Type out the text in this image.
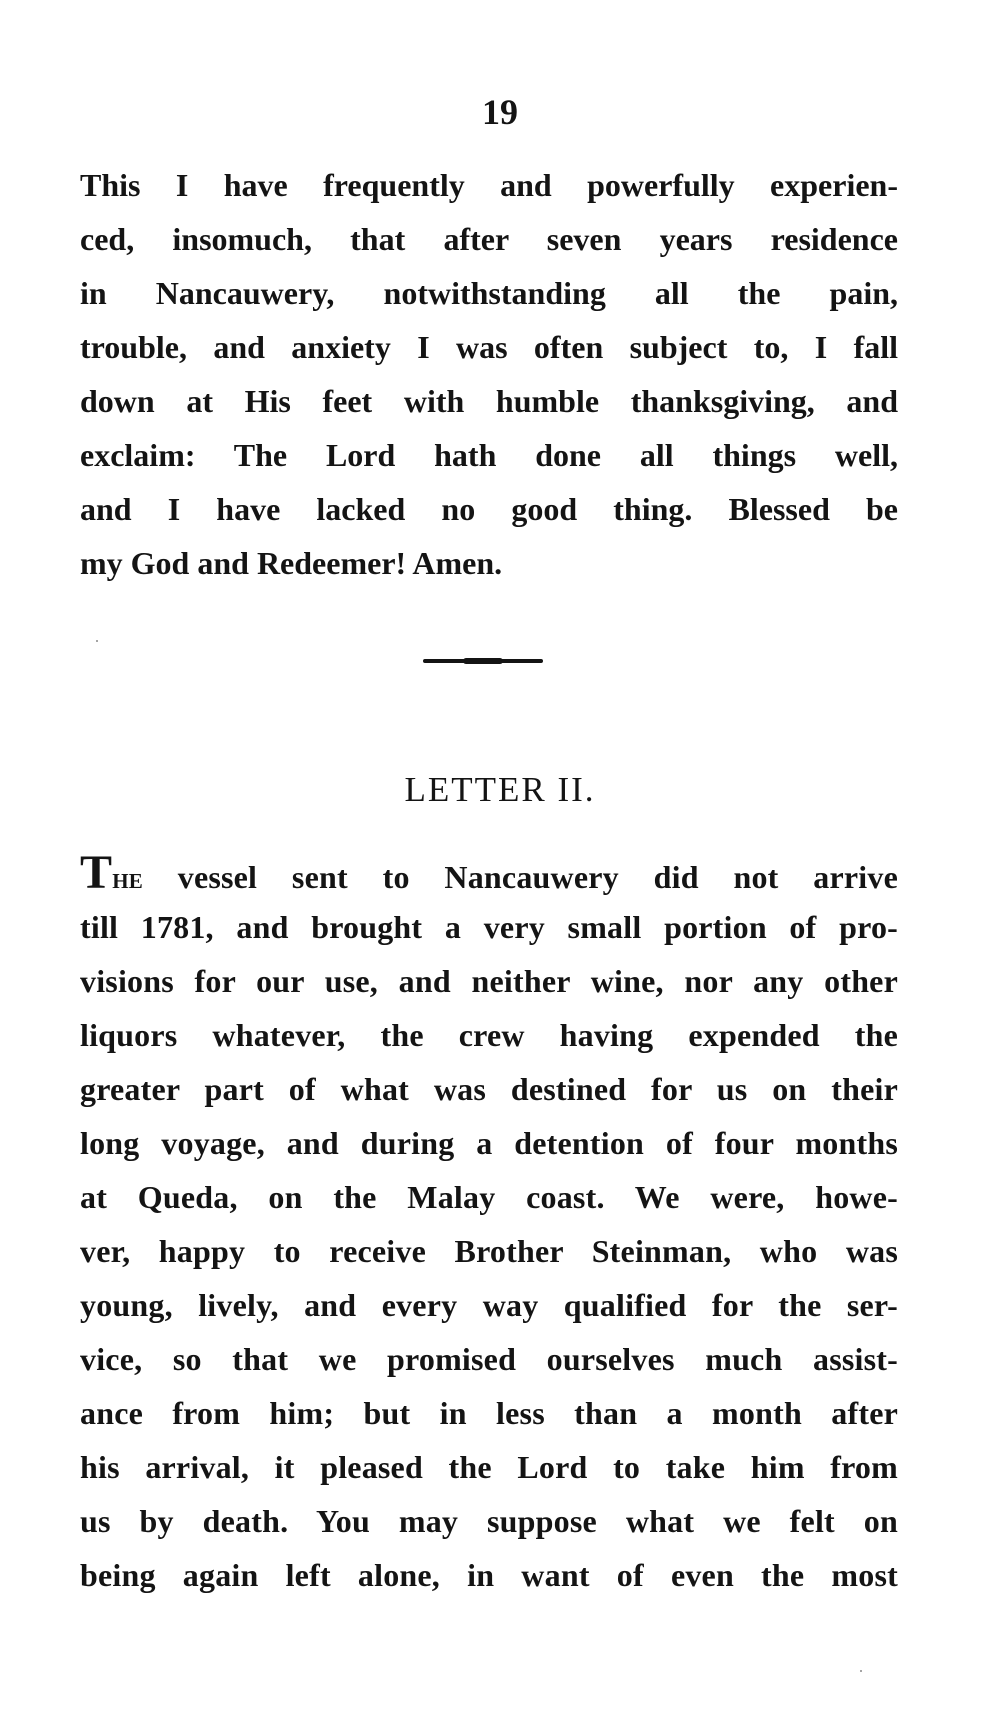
19
This I have frequently and powerfully experien-
ced, insomuch, that after seven years residence
in Nancauwery, notwithstanding all the pain,
trouble, and anxiety I was often subject to, I fall
down at His feet with humble thanksgiving, and
exclaim: The Lord hath done all things well,
and I have lacked no good thing. Blessed be
my God and Redeemer! Amen.
LETTER II.
The vessel sent to Nancauwery did not arrive
till 1781, and brought a very small portion of pro-
visions for our use, and neither wine, nor any other
liquors whatever, the crew having expended the
greater part of what was destined for us on their
long voyage, and during a detention of four months
at Queda, on the Malay coast. We were, howe-
ver, happy to receive Brother Steinman, who was
young, lively, and every way qualified for the ser-
vice, so that we promised ourselves much assist-
ance from him; but in less than a month after
his arrival, it pleased the Lord to take him from
us by death. You may suppose what we felt on
being again left alone, in want of even the most
